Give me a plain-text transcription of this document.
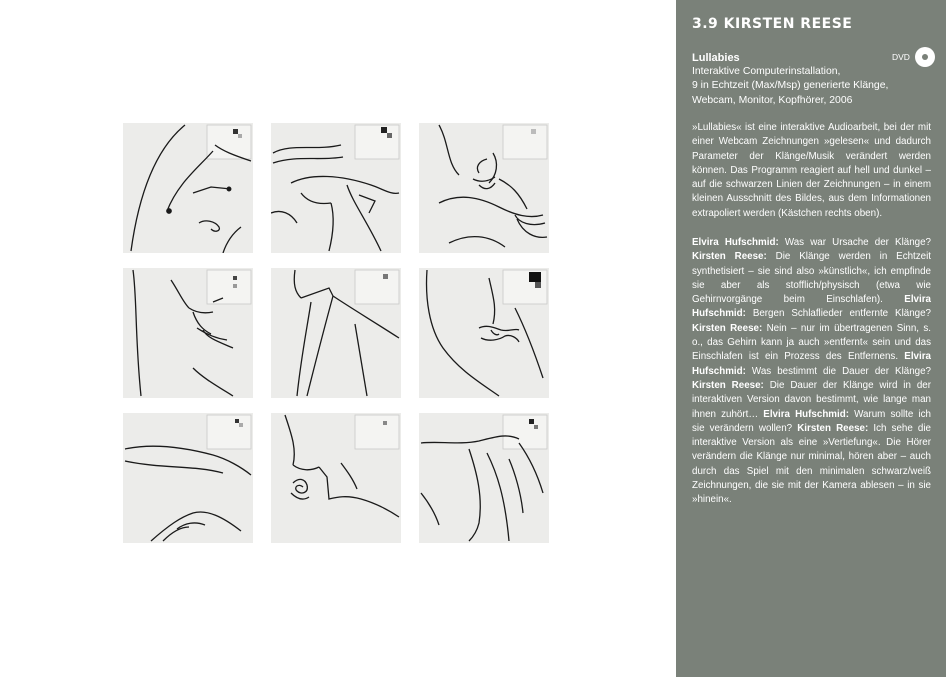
3.9 KIRSTEN REESE
DVD
Lullabies
Interaktive Computerinstallation,
9 in Echtzeit (Max/Msp) generierte Klänge,
Webcam, Monitor, Kopfhörer, 2006

»Lullabies« ist eine interaktive Audioarbeit, bei der mit einer Webcam Zeichnungen »gelesen« und dadurch Parameter der Klänge/Musik verändert werden können. Das Programm reagiert auf hell und dunkel – auf die schwarzen Linien der Zeichnungen – in einem kleinen Ausschnitt des Bildes, aus dem Informationen extrapoliert werden (Kästchen rechts oben).

Elvira Hufschmid: Was war Ursache der Klänge? Kirsten Reese: Die Klänge werden in Echtzeit synthetisiert – sie sind also »künstlich«, ich empfinde sie aber als stofflich/physisch (etwa wie Gehirnvorgänge beim Einschlafen). Elvira Hufschmid: Bergen Schlaflieder entfernte Klänge? Kirsten Reese: Nein – nur im übertragenen Sinn, s. o., das Gehirn kann ja auch »entfernt« sein und das Einschlafen ist ein Prozess des Entfernens. Elvira Hufschmid: Was bestimmt die Dauer der Klänge? Kirsten Reese: Die Dauer der Klänge wird in der interaktiven Version davon bestimmt, wie lange man ihnen zuhört… Elvira Hufschmid: Warum sollte ich sie verändern wollen? Kirsten Reese: Ich sehe die interaktive Version als eine »Vertiefung«. Die Hörer verändern die Klänge nur minimal, hören aber – auch durch das Spiel mit den minimalen schwarz/weiß Zeichnungen, die sie mit der Kamera ablesen – in sie »hinein«.
